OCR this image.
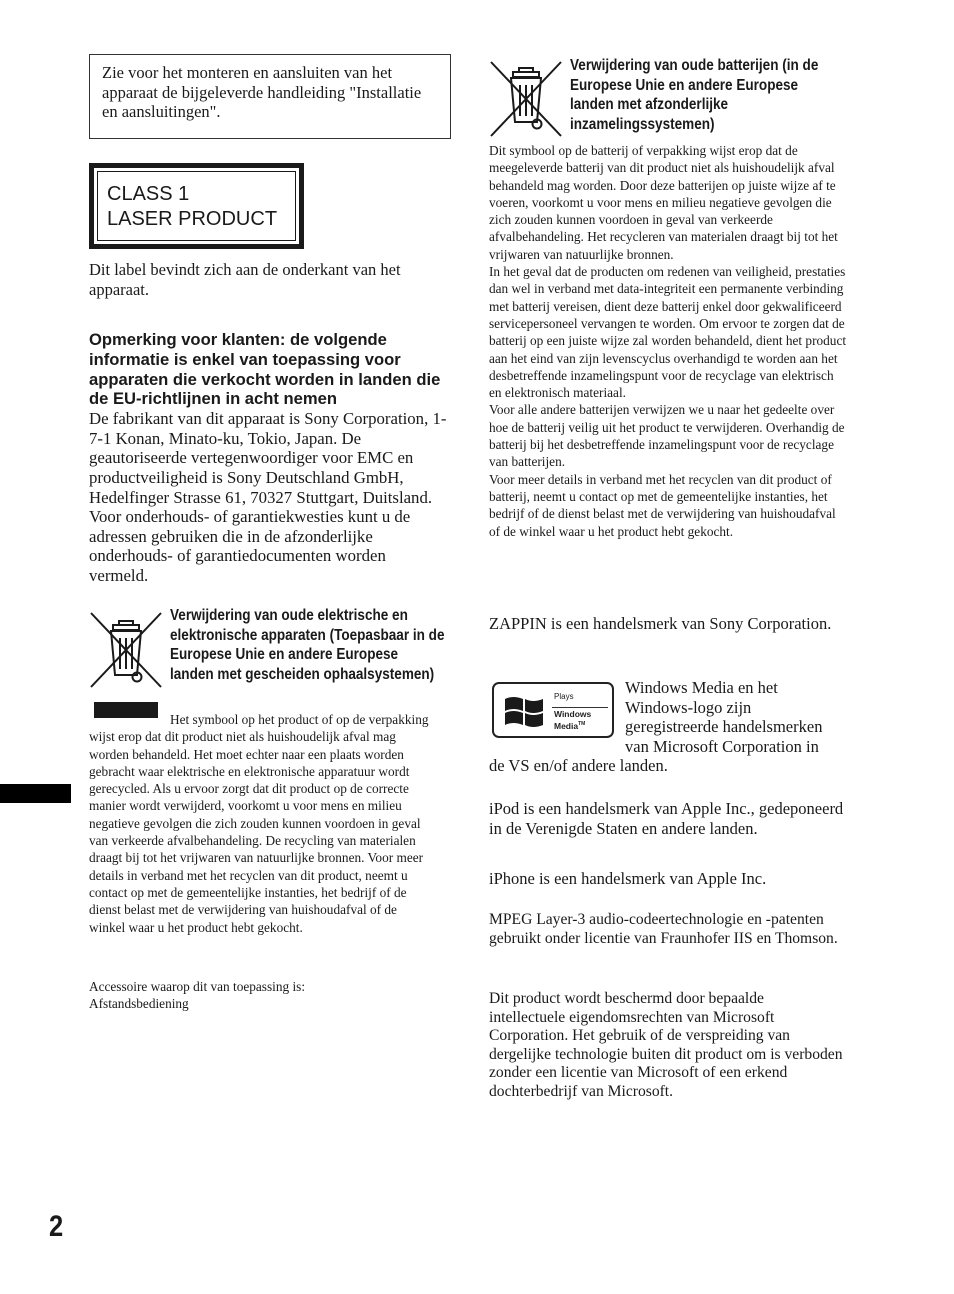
Zie voor het monteren en aansluiten van het apparaat de bijgeleverde handleiding "Installatie en aansluitingen".

CLASS 1
LASER PRODUCT

Dit label bevindt zich aan de onderkant van het apparaat.

Opmerking voor klanten: de volgende informatie is enkel van toepassing voor apparaten die verkocht worden in landen die de EU-richtlijnen in acht nemen

De fabrikant van dit apparaat is Sony Corporation, 1-7-1 Konan, Minato-ku, Tokio, Japan. De geautoriseerde vertegenwoordiger voor EMC en productveiligheid is Sony Deutschland GmbH, Hedelfinger Strasse 61, 70327 Stuttgart, Duitsland. Voor onderhouds- of garantiekwesties kunt u de adressen gebruiken die in de afzonderlijke onderhouds- of garantiedocumenten worden vermeld.

Verwijdering van oude elektrische en elektronische apparaten (Toepasbaar in de Europese Unie en andere Europese landen met gescheiden ophaalsystemen)

Het symbool op het product of op de verpakking wijst erop dat dit product niet als huishoudelijk afval mag worden behandeld. Het moet echter naar een plaats worden gebracht waar elektrische en elektronische apparatuur wordt gerecycled. Als u ervoor zorgt dat dit product op de correcte manier wordt verwijderd, voorkomt u voor mens en milieu negatieve gevolgen die zich zouden kunnen voordoen in geval van verkeerde afvalbehandeling. De recycling van materialen draagt bij tot het vrijwaren van natuurlijke bronnen. Voor meer details in verband met het recyclen van dit product, neemt u contact op met de gemeentelijke instanties, het bedrijf of de dienst belast met de verwijdering van huishoudafval of de winkel waar u het product hebt gekocht.

Accessoire waarop dit van toepassing is:

Afstandsbediening

2

Verwijdering van oude batterijen (in de Europese Unie en andere Europese landen met afzonderlijke inzamelingssystemen)

Dit symbool op de batterij of verpakking wijst erop dat de meegeleverde batterij van dit product niet als huishoudelijk afval behandeld mag worden. Door deze batterijen op juiste wijze af te voeren, voorkomt u voor mens en milieu negatieve gevolgen die zich zouden kunnen voordoen in geval van verkeerde afvalbehandeling. Het recycleren van materialen draagt bij tot het vrijwaren van natuurlijke bronnen.

In het geval dat de producten om redenen van veiligheid, prestaties dan wel in verband met data-integriteit een permanente verbinding met batterij vereisen, dient deze batterij enkel door gekwalificeerd servicepersoneel vervangen te worden. Om ervoor te zorgen dat de batterij op een juiste wijze zal worden behandeld, dient het product aan het eind van zijn levenscyclus overhandigd te worden aan het desbetreffende inzamelingspunt voor de recyclage van elektrisch en elektronisch materiaal.

Voor alle andere batterijen verwijzen we u naar het gedeelte over hoe de batterij veilig uit het product te verwijderen. Overhandig de batterij bij het desbetreffende inzamelingspunt voor de recyclage van batterijen.

Voor meer details in verband met het recyclen van dit product of batterij, neemt u contact op met de gemeentelijke instanties, het bedrijf of de dienst belast met de verwijdering van huishoudafval of de winkel waar u het product hebt gekocht.

ZAPPIN is een handelsmerk van Sony Corporation.

Plays
Windows
Media™
Windows Media en het
Windows-logo zijn
geregistreerde handelsmerken
van Microsoft Corporation in

de VS en/of andere landen.

iPod is een handelsmerk van Apple Inc., gedeponeerd in de Verenigde Staten en andere landen.

iPhone is een handelsmerk van Apple Inc.

MPEG Layer-3 audio-codeertechnologie en -patenten gebruikt onder licentie van Fraunhofer IIS en Thomson.

Dit product wordt beschermd door bepaalde intellectuele eigendomsrechten van Microsoft Corporation. Het gebruik of de verspreiding van dergelijke technologie buiten dit product om is verboden zonder een licentie van Microsoft of een erkend dochterbedrijf van Microsoft.
